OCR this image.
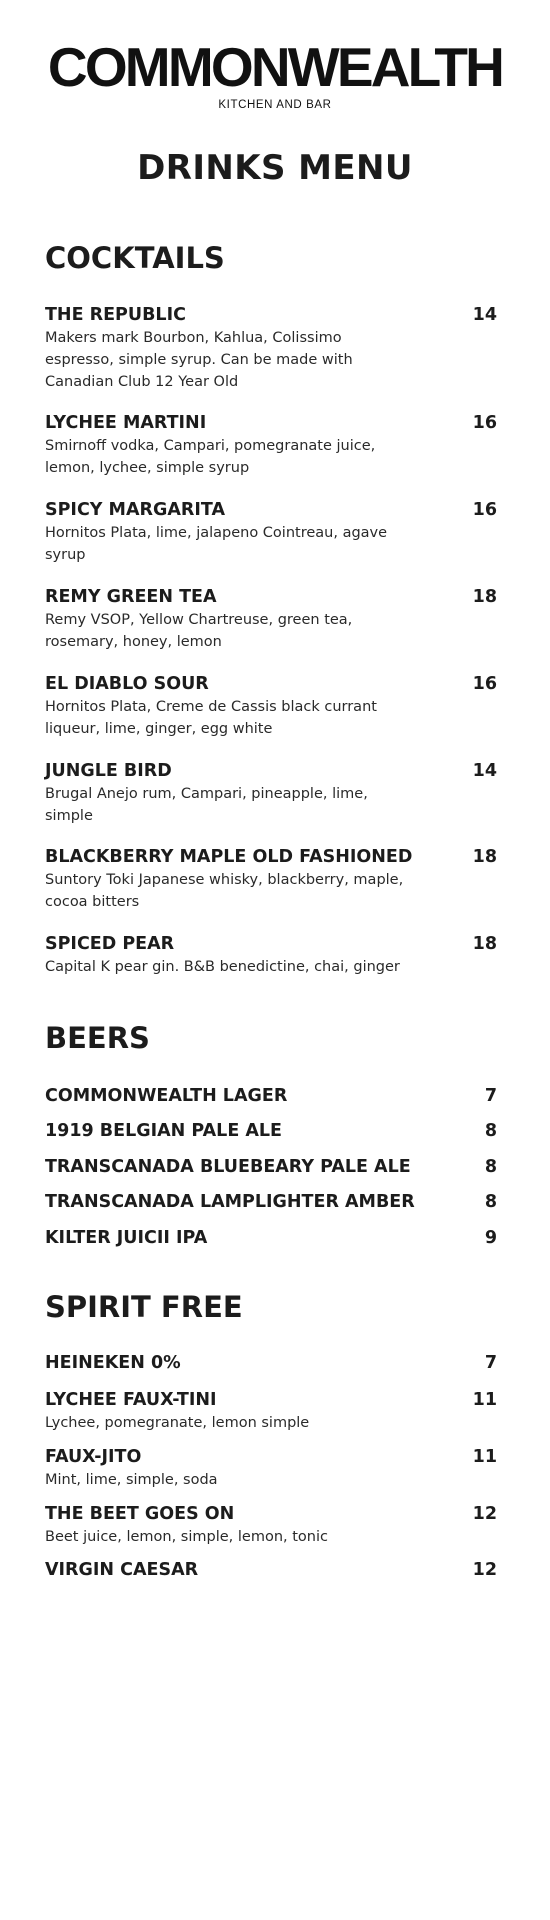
COMMONWEALTH
KITCHEN AND BAR
DRINKS MENU
COCKTAILS
THE REPUBLIC	14
Makers mark Bourbon, Kahlua, Colissimo espresso, simple syrup. Can be made with Canadian Club 12 Year Old
LYCHEE MARTINI	16
Smirnoff vodka, Campari, pomegranate juice, lemon, lychee, simple syrup
SPICY MARGARITA	16
Hornitos Plata, lime, jalapeno Cointreau, agave syrup
REMY GREEN TEA	18
Remy VSOP, Yellow Chartreuse, green tea, rosemary, honey, lemon
EL DIABLO SOUR	16
Hornitos Plata, Creme de Cassis black currant liqueur, lime, ginger, egg white
JUNGLE BIRD	14
Brugal Anejo rum, Campari, pineapple, lime, simple
BLACKBERRY MAPLE OLD FASHIONED	18
Suntory Toki Japanese whisky, blackberry, maple, cocoa bitters
SPICED PEAR	18
Capital K pear gin. B&B benedictine, chai, ginger
BEERS
COMMONWEALTH LAGER	7
1919 BELGIAN PALE ALE	8
TRANSCANADA BLUEBEARY PALE ALE	8
TRANSCANADA LAMPLIGHTER AMBER	8
KILTER JUICII IPA	9
SPIRIT FREE
HEINEKEN 0%	7
LYCHEE FAUX-TINI	11
Lychee, pomegranate, lemon simple
FAUX-JITO	11
Mint, lime, simple, soda
THE BEET GOES ON	12
Beet juice, lemon, simple, lemon, tonic
VIRGIN CAESAR	12
